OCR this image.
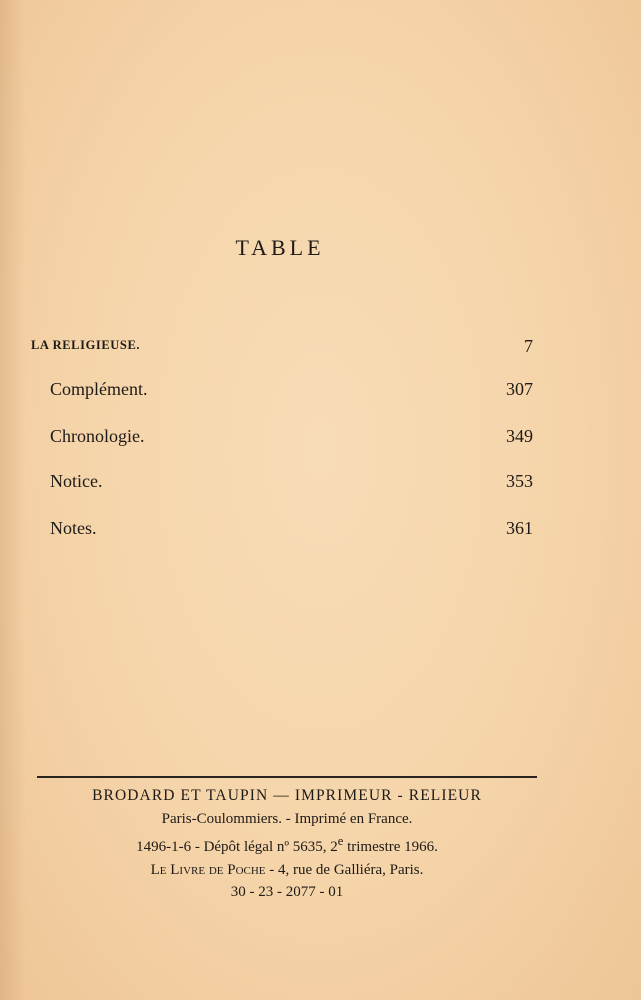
TABLE
LA RELIGIEUSE.	7
Complément.	307
Chronologie.	349
Notice.	353
Notes.	361

BRODARD ET TAUPIN — IMPRIMEUR - RELIEUR

Paris-Coulommiers. - Imprimé en France.

1496-1-6 - Dépôt légal nº 5635, 2e trimestre 1966.

Le Livre de Poche - 4, rue de Galliéra, Paris.

30 - 23 - 2077 - 01
